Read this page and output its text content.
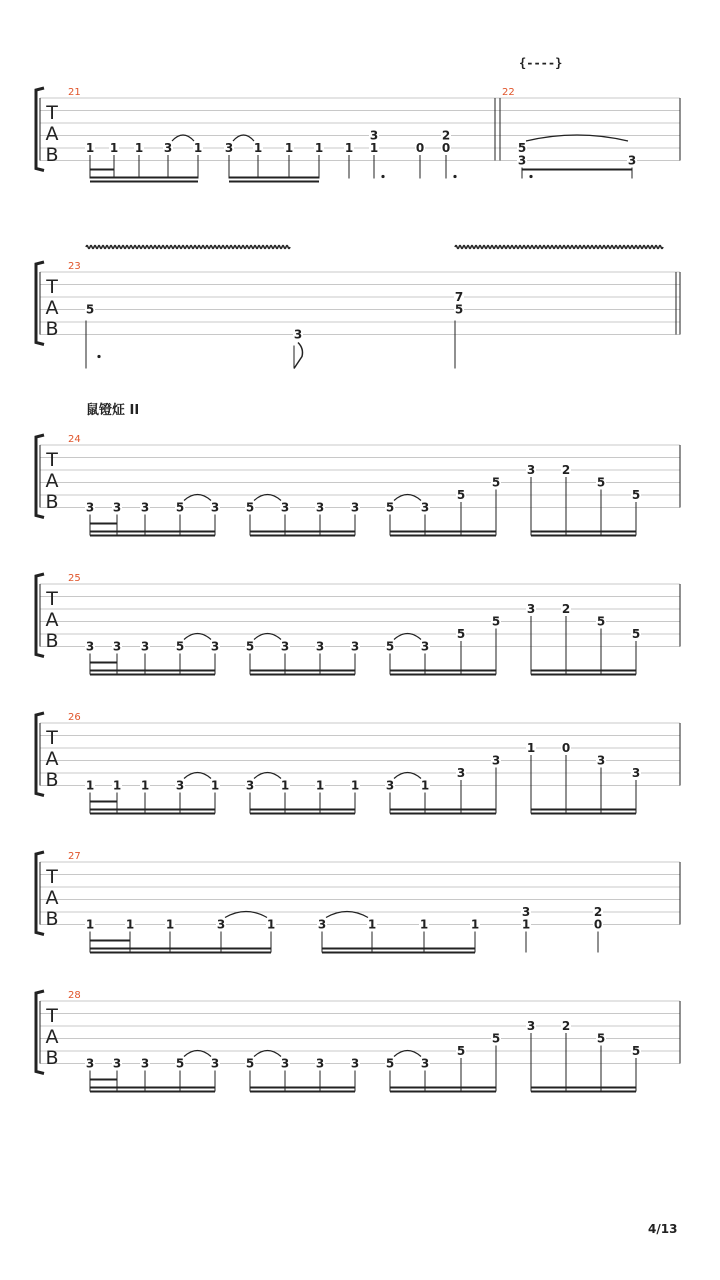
{----}
鼠镫炡 II
4/13
T
A
B
21
1 1 1 3 1 3 1 1 1 1
3
1	0
2
0
22
5
3	3
T
A
B
23
5
3
7
5
T
A
B
24
3 3 3 5 3 5 3 3 3 5 3
5
5
3 2
5
5
T
A
B
25
3 3 3 5 3 5 3 3 3 5 3
5
5
3 2
5
5
T
A
B
26
1 1 1 3 1 3 1 1 1 3 1
3
3
1 0
3
3
T
A
B
27
1	1	1	3	1	3	1	1	1
3
1
2
0
T
A
B
28
3 3 3 5 3 5 3 3 3 5 3
5
5
3 2
5
5
